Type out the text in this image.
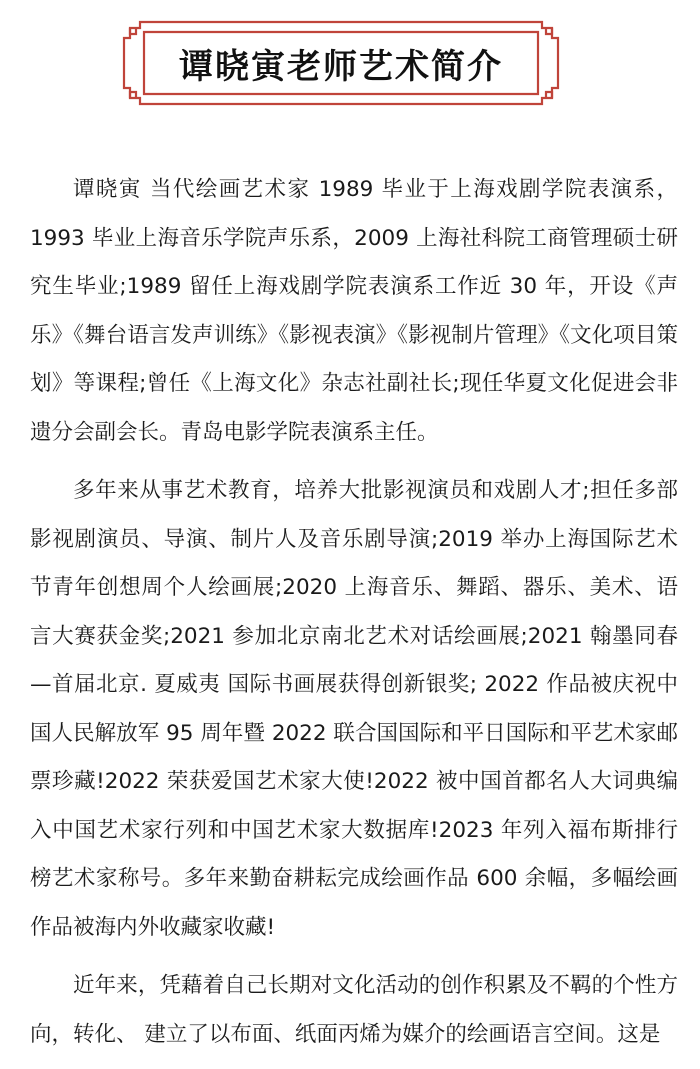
谭晓寅老师艺术简介

谭晓寅 当代绘画艺术家 1989 毕业于上海戏剧学院表演系，1993 毕业上海音乐学院声乐系，2009 上海社科院工商管理硕士研究生毕业;1989 留任上海戏剧学院表演系工作近 30 年，开设《声乐》《舞台语言发声训练》《影视表演》《影视制片管理》《文化项目策划》等课程;曾任《上海文化》杂志社副社长;现任华夏文化促进会非遗分会副会长。青岛电影学院表演系主任。

多年来从事艺术教育，培养大批影视演员和戏剧人才;担任多部影视剧演员、导演、制片人及音乐剧导演;2019 举办上海国际艺术节青年创想周个人绘画展;2020 上海音乐、舞蹈、器乐、美术、语言大赛获金奖;2021 参加北京南北艺术对话绘画展;2021 翰墨同春—首届北京. 夏威夷 国际书画展获得创新银奖; 2022 作品被庆祝中国人民解放军 95 周年暨 2022 联合国国际和平日国际和平艺术家邮票珍藏!2022 荣获爱国艺术家大使!2022 被中国首都名人大词典编入中国艺术家行列和中国艺术家大数据库!2023 年列入福布斯排行榜艺术家称号。多年来勤奋耕耘完成绘画作品 600 余幅，多幅绘画作品被海内外收藏家收藏!

近年来，凭藉着自己长期对文化活动的创作积累及不羁的个性方向，转化、 建立了以布面、纸面丙烯为媒介的绘画语言空间。这是
